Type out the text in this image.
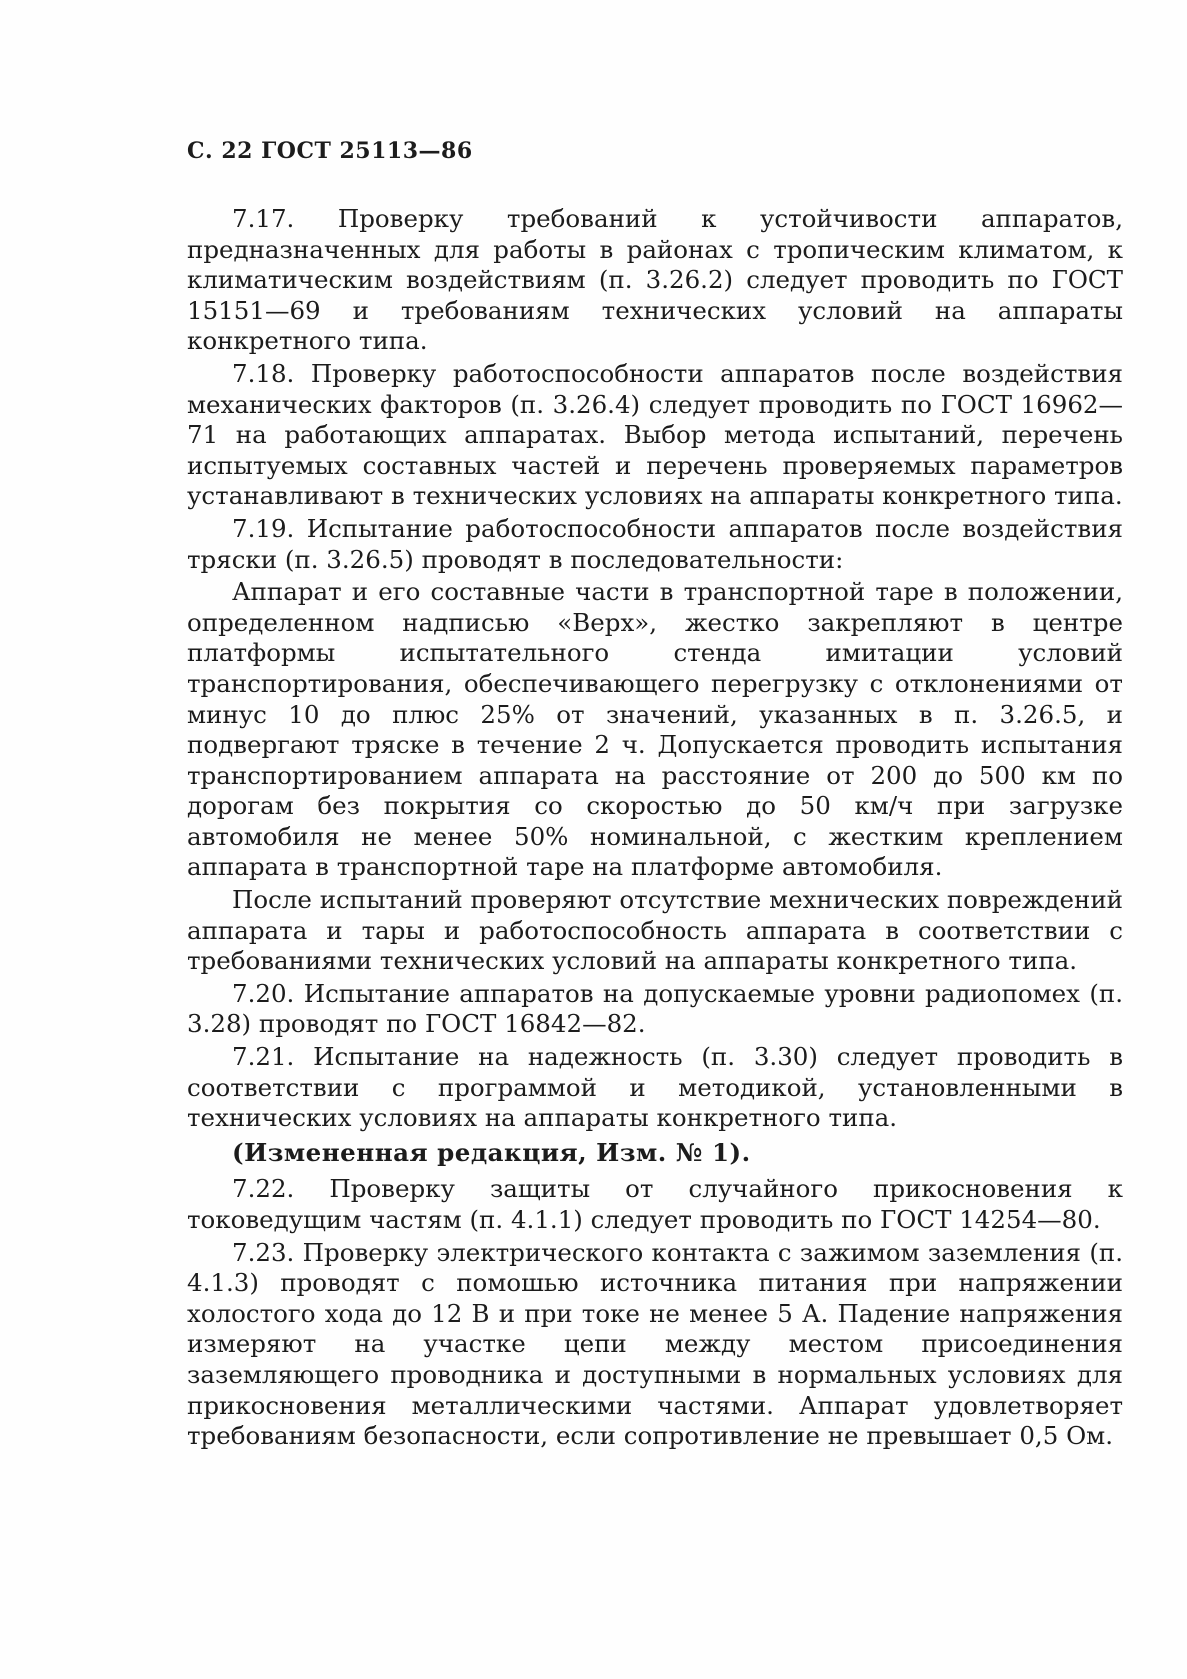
С. 22 ГОСТ 25113—86

7.17. Проверку требований к устойчивости аппаратов, предназначенных для работы в районах с тропическим климатом, к климатическим воздействиям (п. 3.26.2) следует проводить по ГОСТ 15151—69 и требованиям технических условий на аппараты конкретного типа.

7.18. Проверку работоспособности аппаратов после воздействия механических факторов (п. 3.26.4) следует проводить по ГОСТ 16962—71 на работающих аппаратах. Выбор метода испытаний, перечень испытуемых составных частей и перечень проверяемых параметров устанавливают в технических условиях на аппараты конкретного типа.

7.19. Испытание работоспособности аппаратов после воздействия тряски (п. 3.26.5) проводят в последовательности:

Аппарат и его составные части в транспортной таре в положении, определенном надписью «Верх», жестко закрепляют в центре платформы испытательного стенда имитации условий транспортирования, обеспечивающего перегрузку с отклонениями от минус 10 до плюс 25% от значений, указанных в п. 3.26.5, и подвергают тряске в течение 2 ч. Допускается проводить испытания транспортированием аппарата на расстояние от 200 до 500 км по дорогам без покрытия со скоростью до 50 км/ч при загрузке автомобиля не менее 50% номинальной, с жестким креплением аппарата в транспортной таре на платформе автомобиля.

После испытаний проверяют отсутствие мехнических повреждений аппарата и тары и работоспособность аппарата в соответствии с требованиями технических условий на аппараты конкретного типа.

7.20. Испытание аппаратов на допускаемые уровни радиопомех (п. 3.28) проводят по ГОСТ 16842—82.

7.21. Испытание на надежность (п. 3.30) следует проводить в соответствии с программой и методикой, установленными в технических условиях на аппараты конкретного типа.

(Измененная редакция, Изм. № 1).

7.22. Проверку защиты от случайного прикосновения к токоведущим частям (п. 4.1.1) следует проводить по ГОСТ 14254—80.

7.23. Проверку электрического контакта с зажимом заземления (п. 4.1.3) проводят с помошью источника питания при напряжении холостого хода до 12 В и при токе не менее 5 А. Падение напряжения измеряют на участке цепи между местом присоединения заземляющего проводника и доступными в нормальных условиях для прикосновения металлическими частями. Аппарат удовлетворяет требованиям безопасности, если сопротивление не превышает 0,5 Ом.
